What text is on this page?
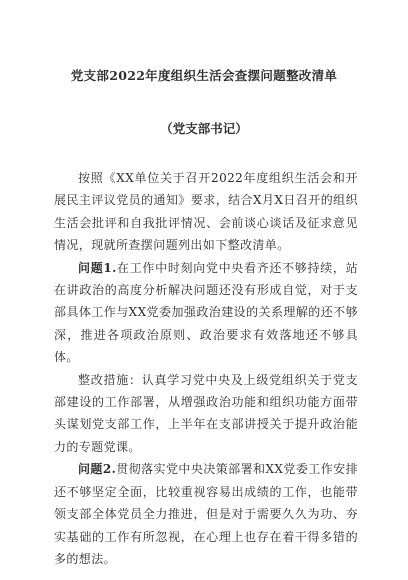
党支部2022年度组织生活会查摆问题整改清单
（党支部书记）

按照《XX单位关于召开2022年度组织生活会和开展民主评议党员的通知》要求，结合X月X日召开的组织生活会批评和自我批评情况、会前谈心谈话及征求意见情况，现就所查摆问题列出如下整改清单。

问题1.在工作中时刻向党中央看齐还不够持续，站在讲政治的高度分析解决问题还没有形成自觉，对于支部具体工作与XX党委加强政治建设的关系理解的还不够深，推进各项政治原则、政治要求有效落地还不够具体。

整改措施：认真学习党中央及上级党组织关于党支部建设的工作部署，从增强政治功能和组织功能方面带头谋划党支部工作，上半年在支部讲授关于提升政治能力的专题党课。

问题2.贯彻落实党中央决策部署和XX党委工作安排还不够坚定全面，比较重视容易出成绩的工作，也能带领支部全体党员全力推进，但是对于需要久久为功、夯实基础的工作有所忽视，在心理上也存在着干得多错的多的想法。
